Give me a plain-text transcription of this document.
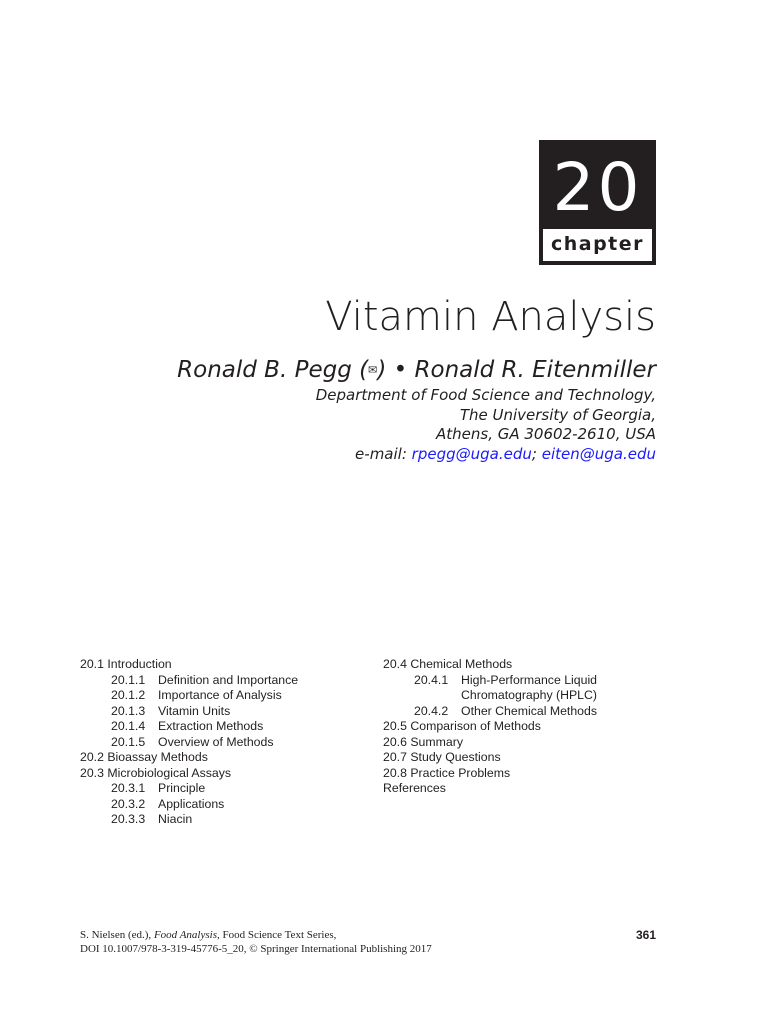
20
chapter
Vitamin Analysis
Ronald B. Pegg (✉) • Ronald R. Eitenmiller
Department of Food Science and Technology,
The University of Georgia,
Athens, GA 30602-2610, USA
e-mail: rpegg@uga.edu; eiten@uga.edu
20.1 Introduction
20.1.1 Definition and Importance
20.1.2 Importance of Analysis
20.1.3 Vitamin Units
20.1.4 Extraction Methods
20.1.5 Overview of Methods
20.2 Bioassay Methods
20.3 Microbiological Assays
20.3.1 Principle
20.3.2 Applications
20.3.3 Niacin
20.4 Chemical Methods
20.4.1 High-Performance Liquid
Chromatography (HPLC)
20.4.2 Other Chemical Methods
20.5 Comparison of Methods
20.6 Summary
20.7 Study Questions
20.8 Practice Problems
References
S. Nielsen (ed.), Food Analysis, Food Science Text Series,
DOI 10.1007/978-3-319-45776-5_20, © Springer International Publishing 2017
361
